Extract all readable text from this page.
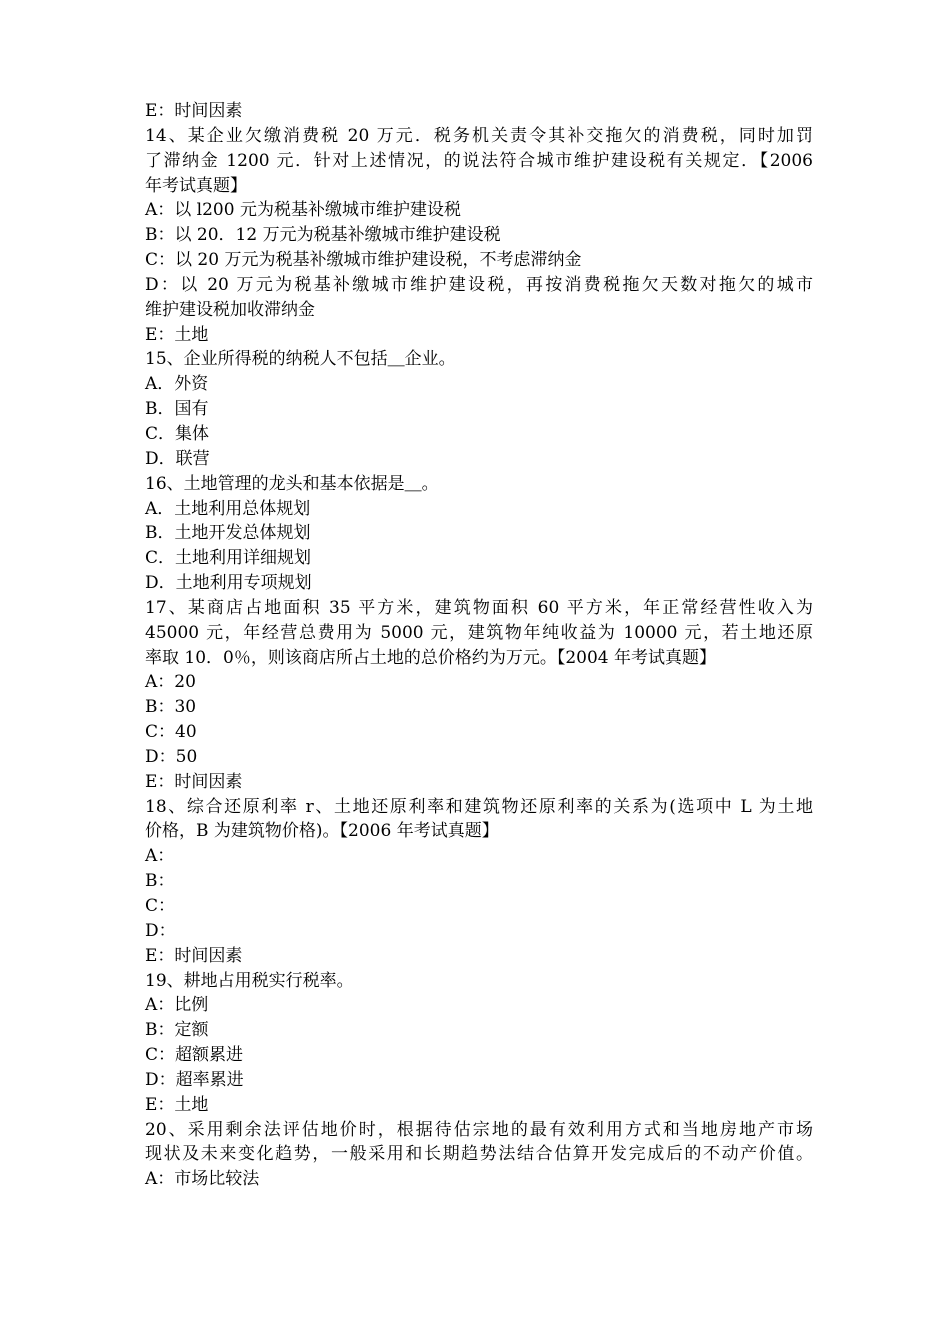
E：时间因素
14、某企业欠缴消费税 20 万元．税务机关责令其补交拖欠的消费税，同时加罚
了滞纳金 1200 元．针对上述情况，的说法符合城市维护建设税有关规定．【2006
年考试真题】
A：以 l200 元为税基补缴城市维护建设税
B：以 20．12 万元为税基补缴城市维护建设税
C：以 20 万元为税基补缴城市维护建设税，不考虑滞纳金
D：以 20 万元为税基补缴城市维护建设税，再按消费税拖欠天数对拖欠的城市
维护建设税加收滞纳金
E：土地
15、企业所得税的纳税人不包括＿企业。
A．外资
B．国有
C．集体
D．联营
16、土地管理的龙头和基本依据是＿。
A．土地利用总体规划
B．土地开发总体规划
C．土地利用详细规划
D．土地利用专项规划
17、某商店占地面积 35 平方米，建筑物面积 60 平方米，年正常经营性收入为
45000 元，年经营总费用为 5000 元，建筑物年纯收益为 10000 元，若土地还原
率取 10．0％，则该商店所占土地的总价格约为万元。【2004 年考试真题】
A：20
B：30
C：40
D：50
E：时间因素
18、综合还原利率 r、土地还原利率和建筑物还原利率的关系为(选项中 L 为土地
价格，B 为建筑物价格)。【2006 年考试真题】
A：
B：
C：
D：
E：时间因素
19、耕地占用税实行税率。
A：比例
B：定额
C：超额累进
D：超率累进
E：土地
20、采用剩余法评估地价时，根据待估宗地的最有效利用方式和当地房地产市场
现状及未来变化趋势，一般采用和长期趋势法结合估算开发完成后的不动产价值。
A：市场比较法
